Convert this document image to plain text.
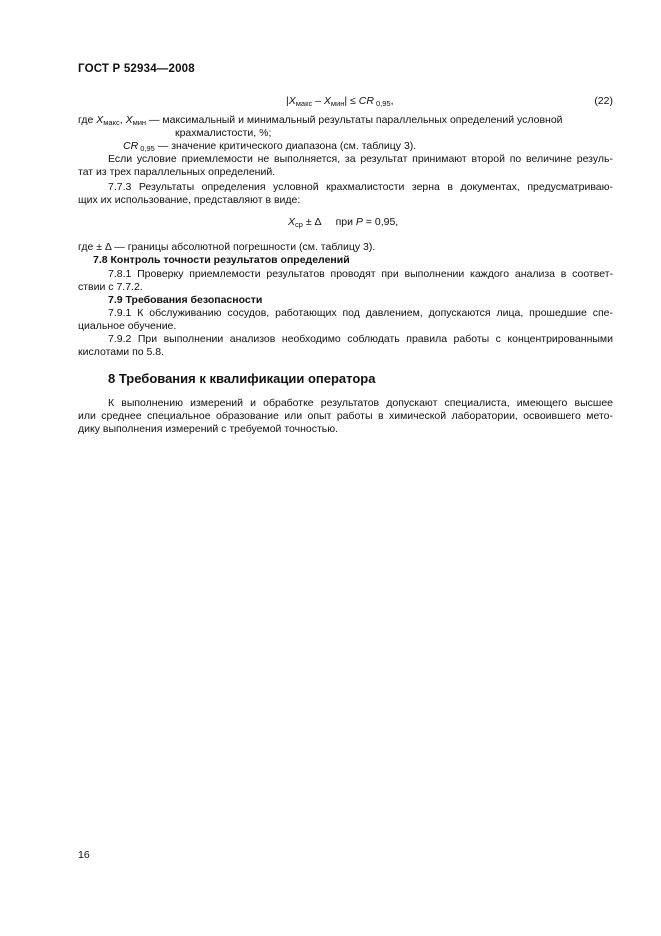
ГОСТ Р 52934—2008
$|X_{макс} - X_{мин}|$ ≤ CR $_{0,95}$,	(22)
где $X_{макс}$, $X_{мин}$ — максимальный и минимальный результаты параллельных определений условной
крахмалистости, %;
CR $_{0,95}$ — значение критического диапазона (см. таблицу 3).
Если условие приемлемости не выполняется, за результат принимают второй по величине резуль-
тат из трех параллельных определений.
7.7.3 Результаты определения условной крахмалистости зерна в документах, предусматриваю-
щих их использование, представляют в виде:
$X_{ср} \pm \Delta$ при P = 0,95,
где ± Δ — границы абсолютной погрешности (см. таблицу 3).
7.8 Контроль точности результатов определений
7.8.1 Проверку приемлемости результатов проводят при выполнении каждого анализа в соответ-
ствии с 7.7.2.
7.9 Требования безопасности
7.9.1 К обслуживанию сосудов, работающих под давлением, допускаются лица, прошедшие спе-
циальное обучение.
7.9.2 При выполнении анализов необходимо соблюдать правила работы с концентрированными
кислотами по 5.8.
8 Требования к квалификации оператора
К выполнению измерений и обработке результатов допускают специалиста, имеющего высшее
или среднее специальное образование или опыт работы в химической лаборатории, освоившего мето-
дику выполнения измерений с требуемой точностью.
16
